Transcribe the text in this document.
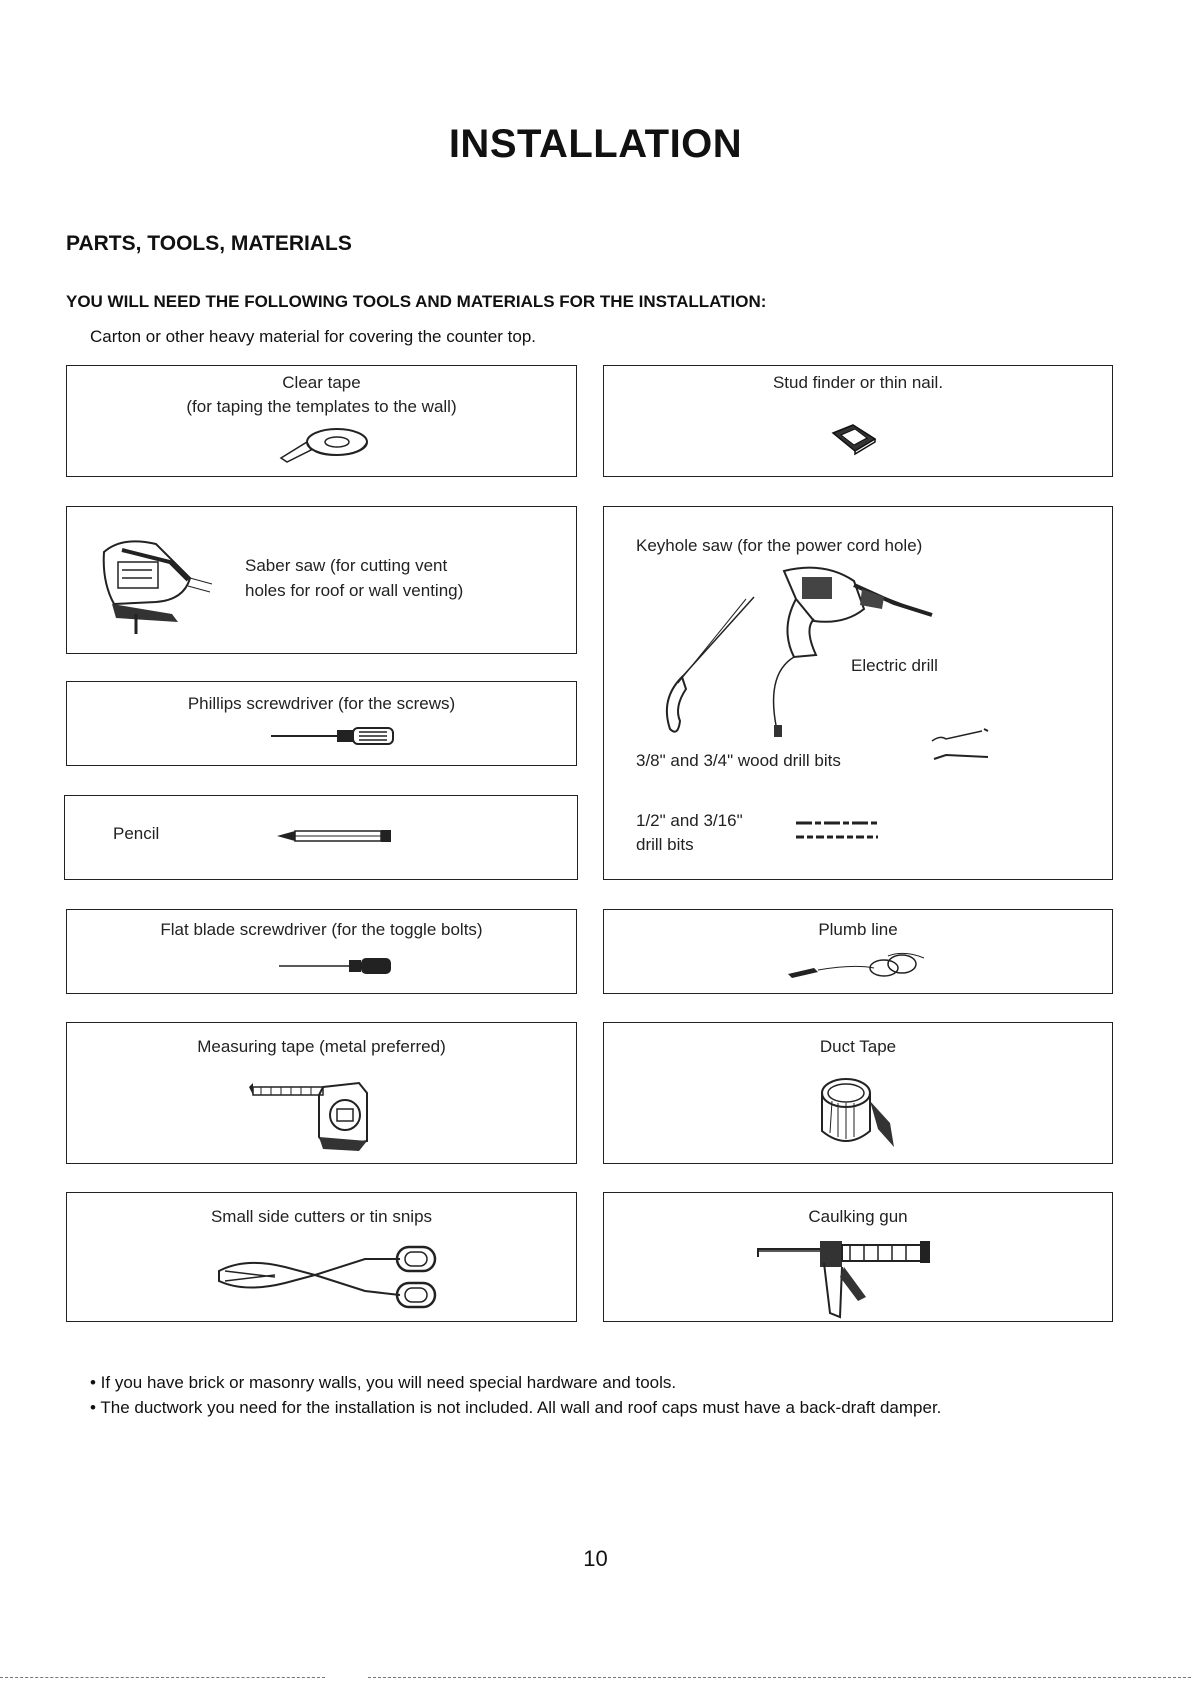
INSTALLATION
PARTS, TOOLS, MATERIALS
YOU WILL NEED THE FOLLOWING TOOLS AND MATERIALS FOR THE INSTALLATION:
Carton or other heavy material for covering the counter top.
Clear tape
(for taping the templates to the wall)
Stud finder or thin nail.
Saber saw (for cutting vent
holes for roof or wall venting)
Keyhole saw (for the power cord hole)
Electric drill
3/8" and 3/4" wood drill bits
1/2" and 3/16"
drill bits
Phillips screwdriver (for the screws)
Pencil
Flat blade screwdriver (for the toggle bolts)	Plumb line
Measuring tape (metal preferred)	Duct Tape
Small side cutters or tin snips	Caulking gun
• If you have brick or masonry walls, you will need special hardware and tools.
• The ductwork you need for the installation is not included. All wall and roof caps must have a back-draft damper.
10
